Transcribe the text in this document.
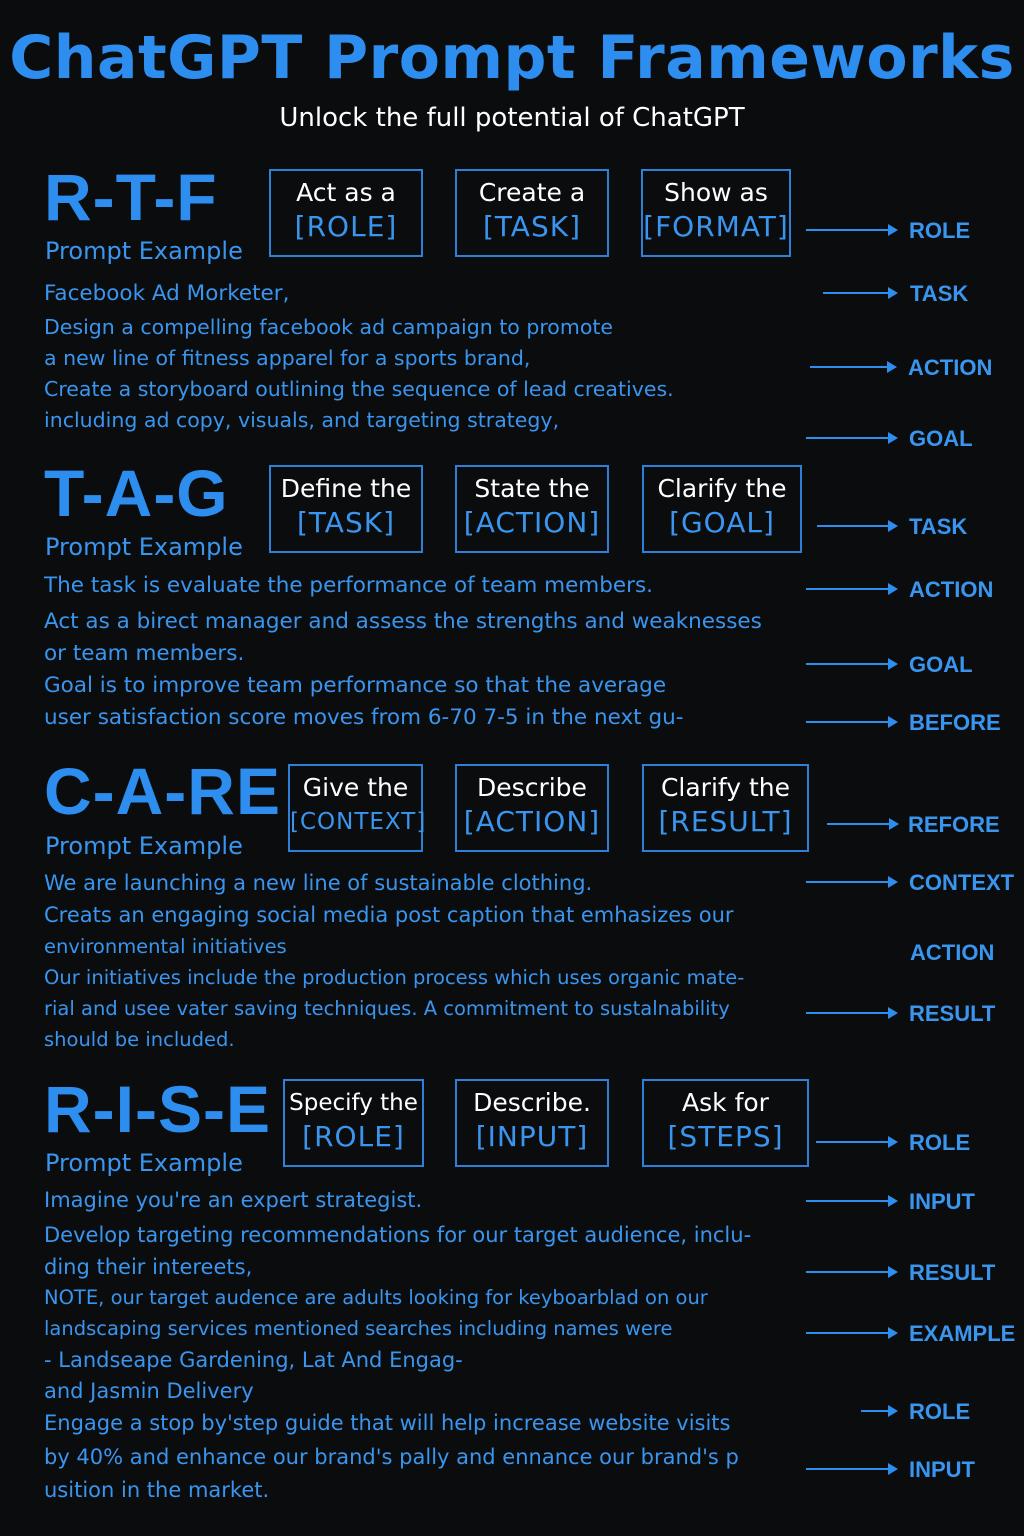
ChatGPT Prompt Frameworks
Unlock the full potential of ChatGPT
R-T-F
Prompt Example
Act as a
[ROLE]
Create a
[TASK]
Show as
[FORMAT]
Facebook Ad Morketer,
Design a compelling facebook ad campaign to promote
a new line of fitness apparel for a sports brand,
Create a storyboard outlining the sequence of lead creatives.
including ad copy, visuals, and targeting strategy,
ROLE
TASK
ACTION
GOAL
T-A-G
Prompt Example
Define the
[TASK]
State the
[ACTION]
Clarify the
[GOAL]
The task is evaluate the performance of team members.
Act as a birect manager and assess the strengths and weaknesses
or team members.
Goal is to improve team performance so that the average
user satisfaction score moves from 6-70 7-5 in the next gu-
TASK
ACTION
GOAL
BEFORE
C-A-RE
Prompt Example
Give the
[CONTEXT]
Describe
[ACTION]
Clarify the
[RESULT]
We are launching a new line of sustainable clothing.
Creats an engaging social media post caption that emhasizes our
environmental initiatives
Our initiatives include the production process which uses organic mate-
rial and usee vater saving techniques. A commitment to sustalnability
should be included.
REFORE
CONTEXT
ACTION
RESULT
R-I-S-E
Prompt Example
Specify the
[ROLE]
Describe.
[INPUT]
Ask for
[STEPS]
Imagine you're an expert strategist.
Develop targeting recommendations for our target audience, inclu-
ding their intereets,
NOTE, our target audence are adults looking for keyboarblad on our
landscaping services mentioned searches including names were
- Landseape Gardening, Lat And Engag-
and Jasmin Delivery
Engage a stop by'step guide that will help increase website visits
by 40% and enhance our brand's pally and ennance our brand's p
usition in the market.
ROLE
INPUT
RESULT
EXAMPLE
ROLE
INPUT
